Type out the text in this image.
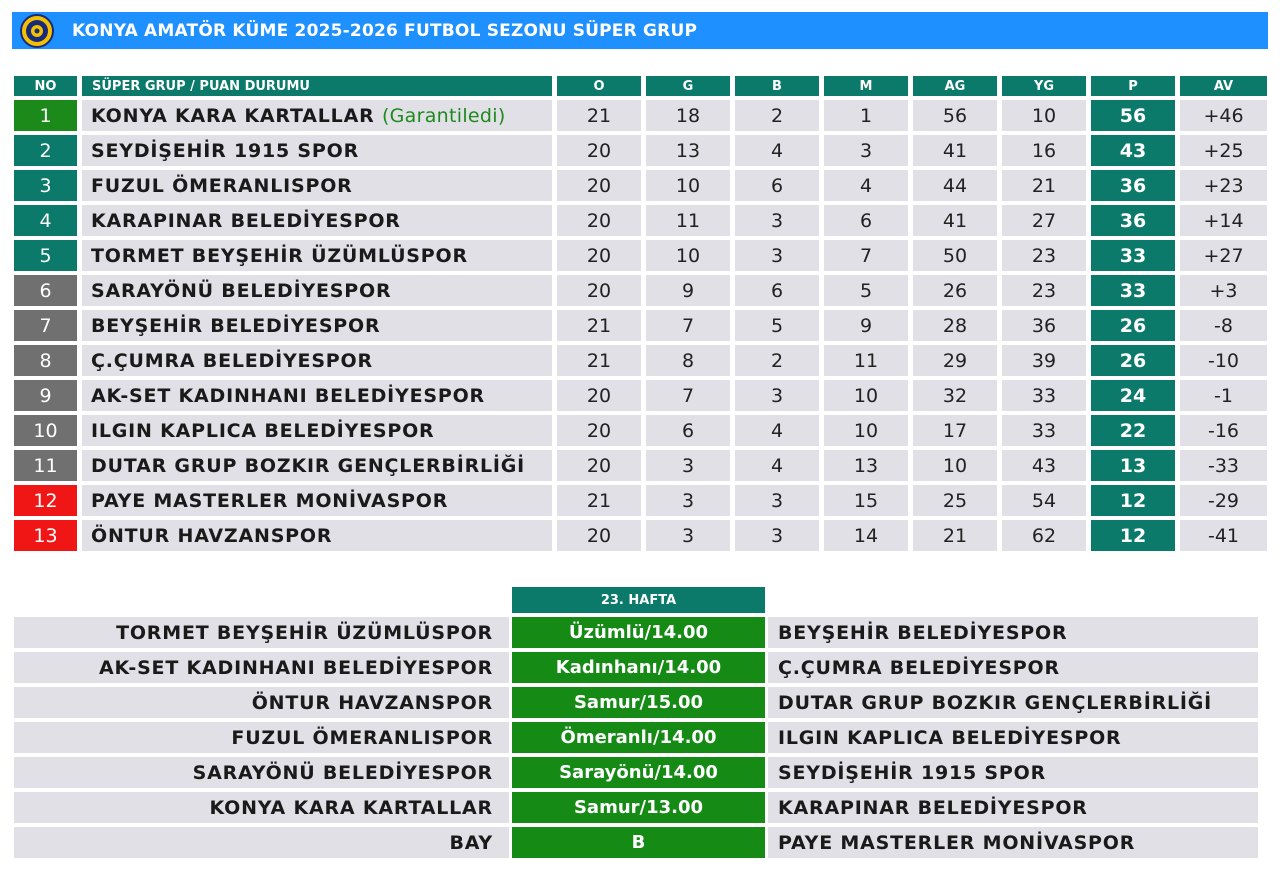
KONYA AMATÖR KÜME 2025-2026 FUTBOL SEZONU SÜPER GRUP
NO	SÜPER GRUP / PUAN DURUMU	O	G	B	M	AG	YG	P	AV
1	KONYA KARA KARTALLAR (Garantiledi)	21	18	2	1	56	10	56	+46
2	SEYDİŞEHİR 1915 SPOR	20	13	4	3	41	16	43	+25
3	FUZUL ÖMERANLISPOR	20	10	6	4	44	21	36	+23
4	KARAPINAR BELEDİYESPOR	20	11	3	6	41	27	36	+14
5	TORMET BEYŞEHİR ÜZÜMLÜSPOR	20	10	3	7	50	23	33	+27
6	SARAYÖNÜ BELEDİYESPOR	20	9	6	5	26	23	33	+3
7	BEYŞEHİR BELEDİYESPOR	21	7	5	9	28	36	26	-8
8	Ç.ÇUMRA BELEDİYESPOR	21	8	2	11	29	39	26	-10
9	AK-SET KADINHANI BELEDİYESPOR	20	7	3	10	32	33	24	-1
10	ILGIN KAPLICA BELEDİYESPOR	20	6	4	10	17	33	22	-16
11	DUTAR GRUP BOZKIR GENÇLERBİRLİĞİ	20	3	4	13	10	43	13	-33
12	PAYE MASTERLER MONİVASPOR	21	3	3	15	25	54	12	-29
13	ÖNTUR HAVZANSPOR	20	3	3	14	21	62	12	-41
		23. HAFTA		
TORMET BEYŞEHİR ÜZÜMLÜSPOR		Üzümlü/14.00		BEYŞEHİR BELEDİYESPOR
AK-SET KADINHANI BELEDİYESPOR		Kadınhanı/14.00		Ç.ÇUMRA BELEDİYESPOR
ÖNTUR HAVZANSPOR		Samur/15.00		DUTAR GRUP BOZKIR GENÇLERBİRLİĞİ
FUZUL ÖMERANLISPOR		Ömeranlı/14.00		ILGIN KAPLICA BELEDİYESPOR
SARAYÖNÜ BELEDİYESPOR		Sarayönü/14.00		SEYDİŞEHİR 1915 SPOR
KONYA KARA KARTALLAR		Samur/13.00		KARAPINAR BELEDİYESPOR
BAY		B		PAYE MASTERLER MONİVASPOR
